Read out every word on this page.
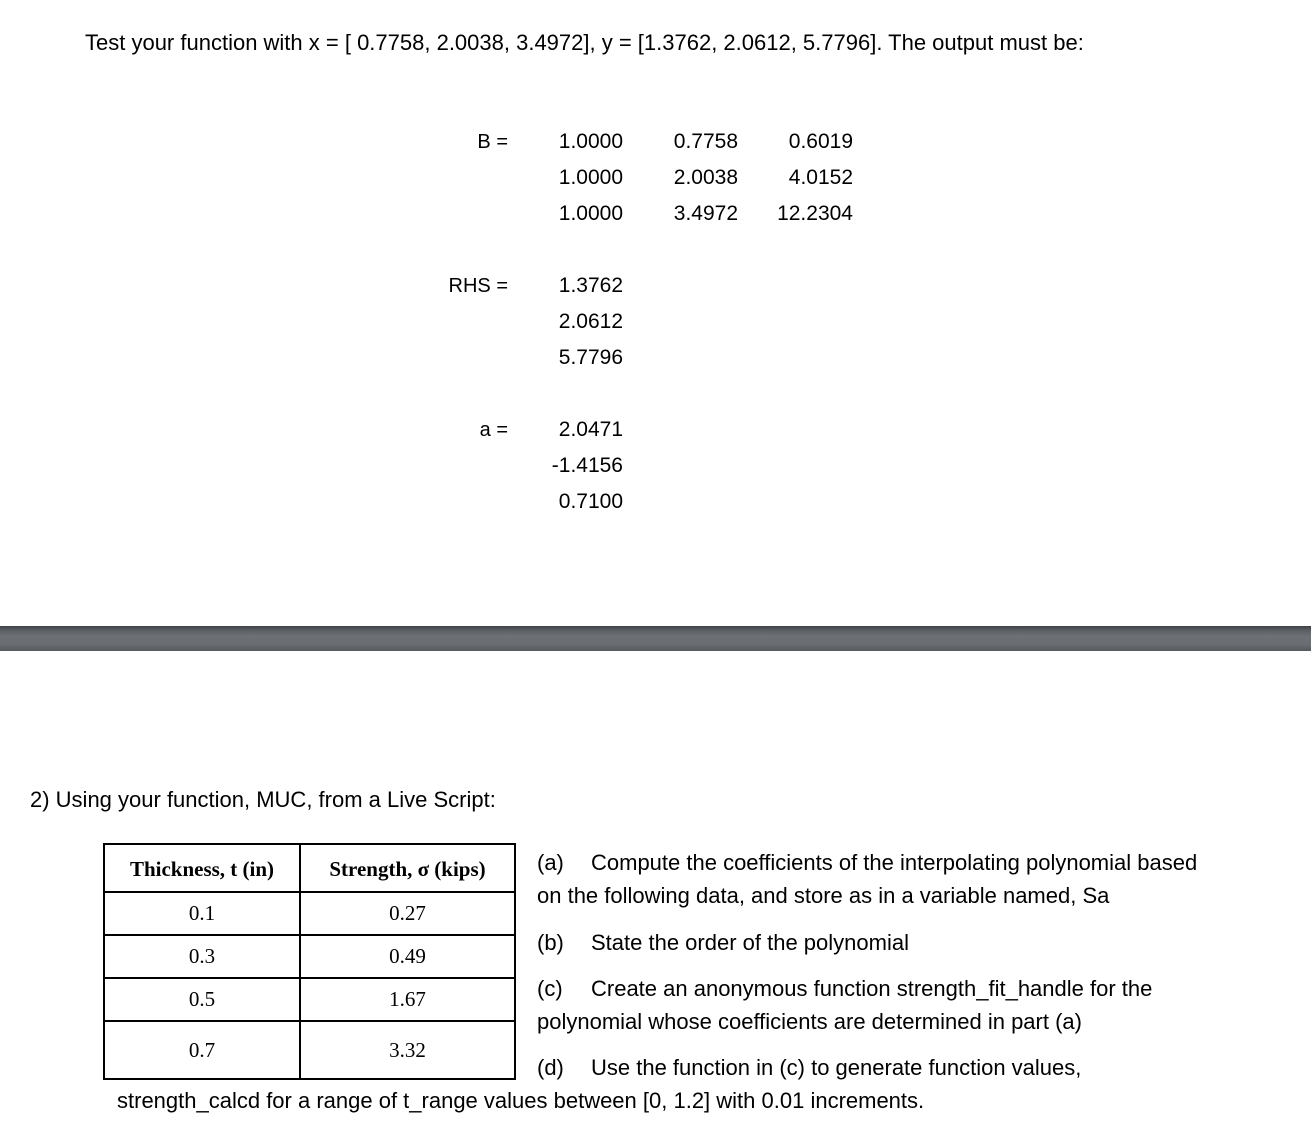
Test your function with x = [ 0.7758, 2.0038, 3.4972], y = [1.3762, 2.0612, 5.7796]. The output must be:
B =	1.0000	0.7758	0.6019
1.0000	2.0038	4.0152
1.0000	3.4972	12.2304
RHS =	1.3762
2.0612
5.7796
a =	2.0471
-1.4156
0.7100
2) Using your function, MUC, from a Live Script:
Thickness, t (in)	Strength, σ (kips)
0.1	0.27
0.3	0.49
0.5	1.67
0.7	3.32
(a) Compute the coefficients of the interpolating polynomial based
on the following data, and store as in a variable named, Sa
(b) State the order of the polynomial
(c) Create an anonymous function strength_fit_handle for the
polynomial whose coefficients are determined in part (a)
(d) Use the function in (c) to generate function values,
strength_calcd for a range of t_range values between [0, 1.2] with 0.01 increments.
